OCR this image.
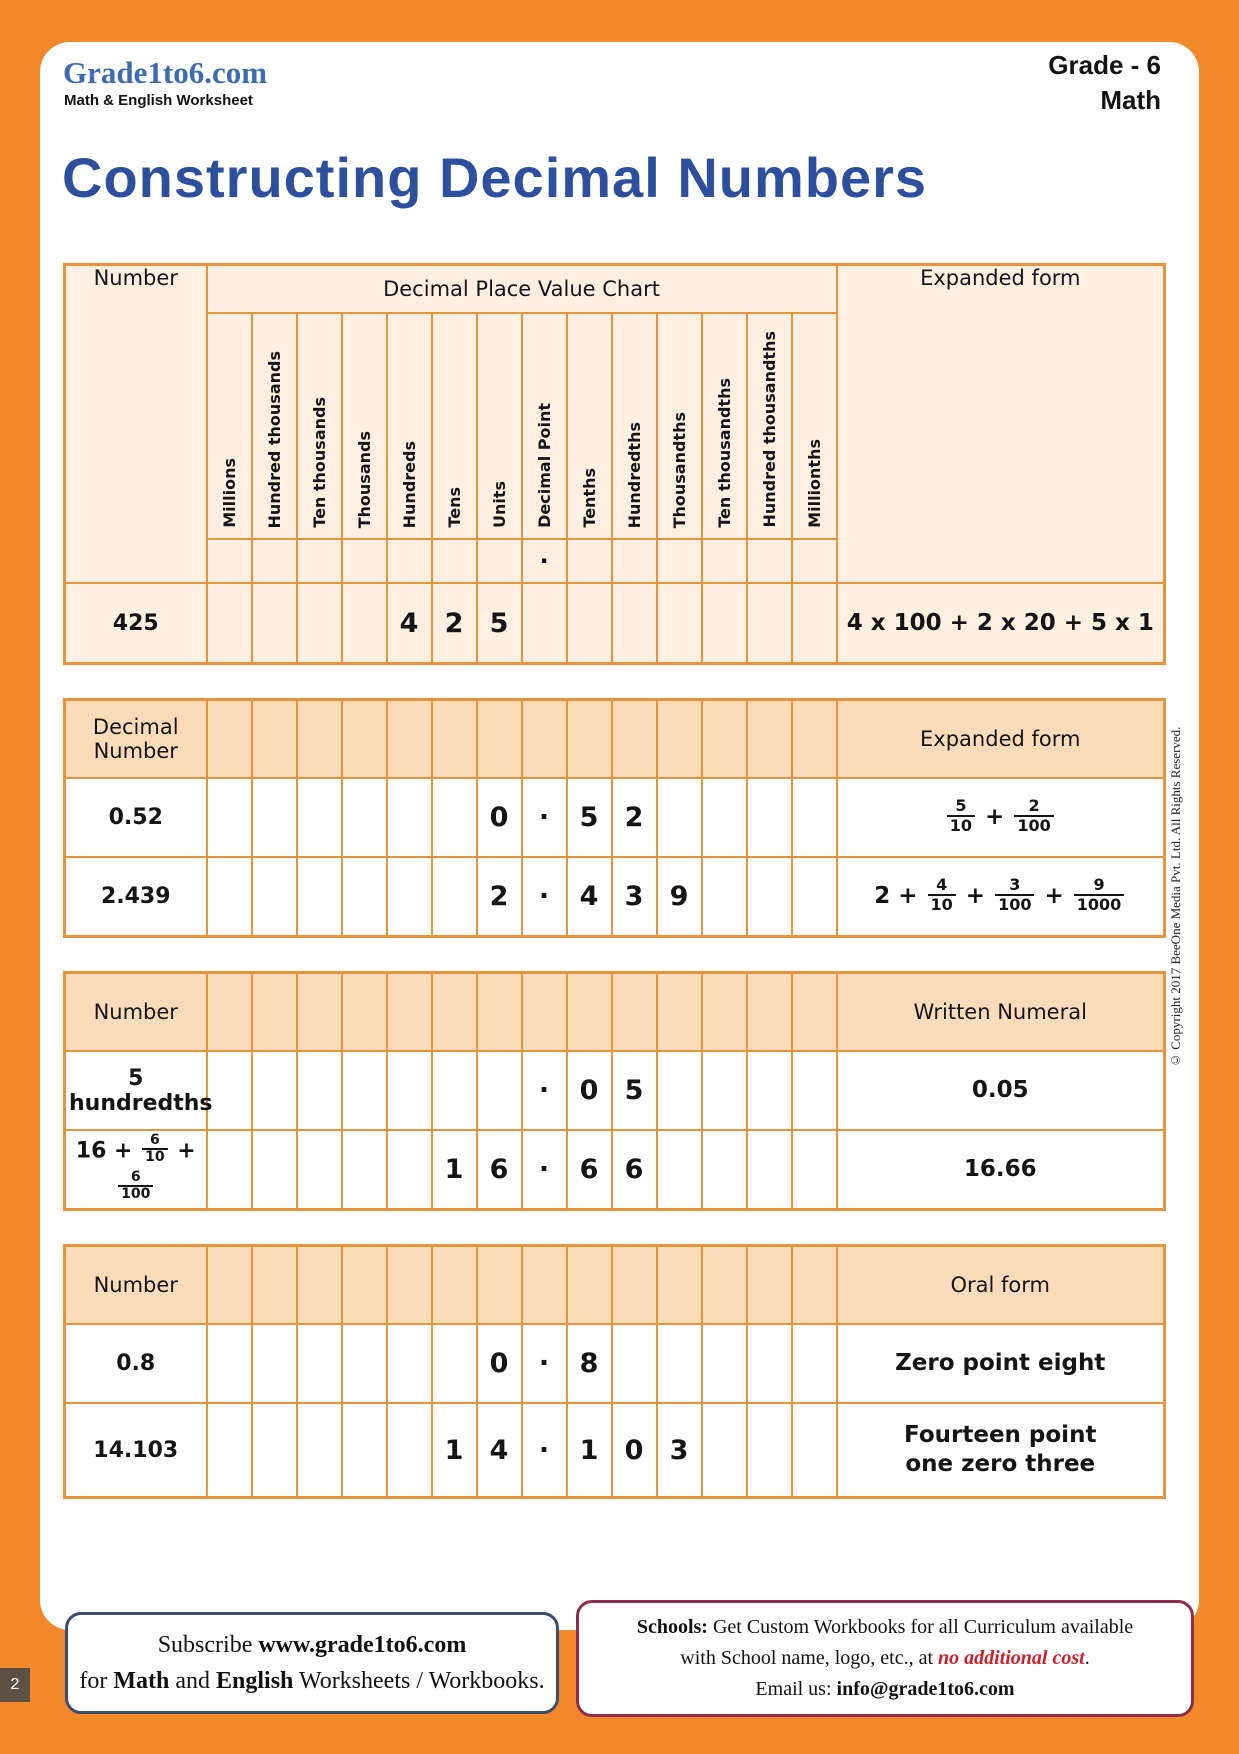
Grade1to6.com
Math & English Worksheet
Grade - 6
Math
Constructing Decimal Numbers
Number	Decimal Place Value Chart														Expanded form
	Millions	Hundred thousands	Ten thousands	Thousands	Hundreds	Tens	Units	Decimal Point	Tenths	Hundredths	Thousandths	Ten thousandths	Hundred thousandths	Millionths	
								·							
425					4	2	5								4 x 100 + 2 x 20 + 5 x 1
Decimal Number															Expanded form
0.52							0	·	5	2					$\frac{5}{10} + \frac{2}{100}$

2.439							2	·	4	3	9				$2 + \frac{4}{10} + \frac{3}{100} + \frac{9}{1000}$
Number															Written Numeral
5 hundredths								·	0	5					0.05
$16 + \frac{6}{10}$ +
$\frac{6}{100}$						1	6	·	6	6					16.66
Number															Oral form
0.8							0	·	8						Zero point eight
14.103						1	4	·	1	0	3				Fourteen point
one zero three
© Copyright 2017 BeeOne Media Pvt. Ltd. All Rights Reserved.
Subscribe www.grade1to6.com
for Math and English Worksheets / Workbooks.
Schools: Get Custom Workbooks for all Curriculum available
with School name, logo, etc., at no additional cost.
Email us: info@grade1to6.com
2
